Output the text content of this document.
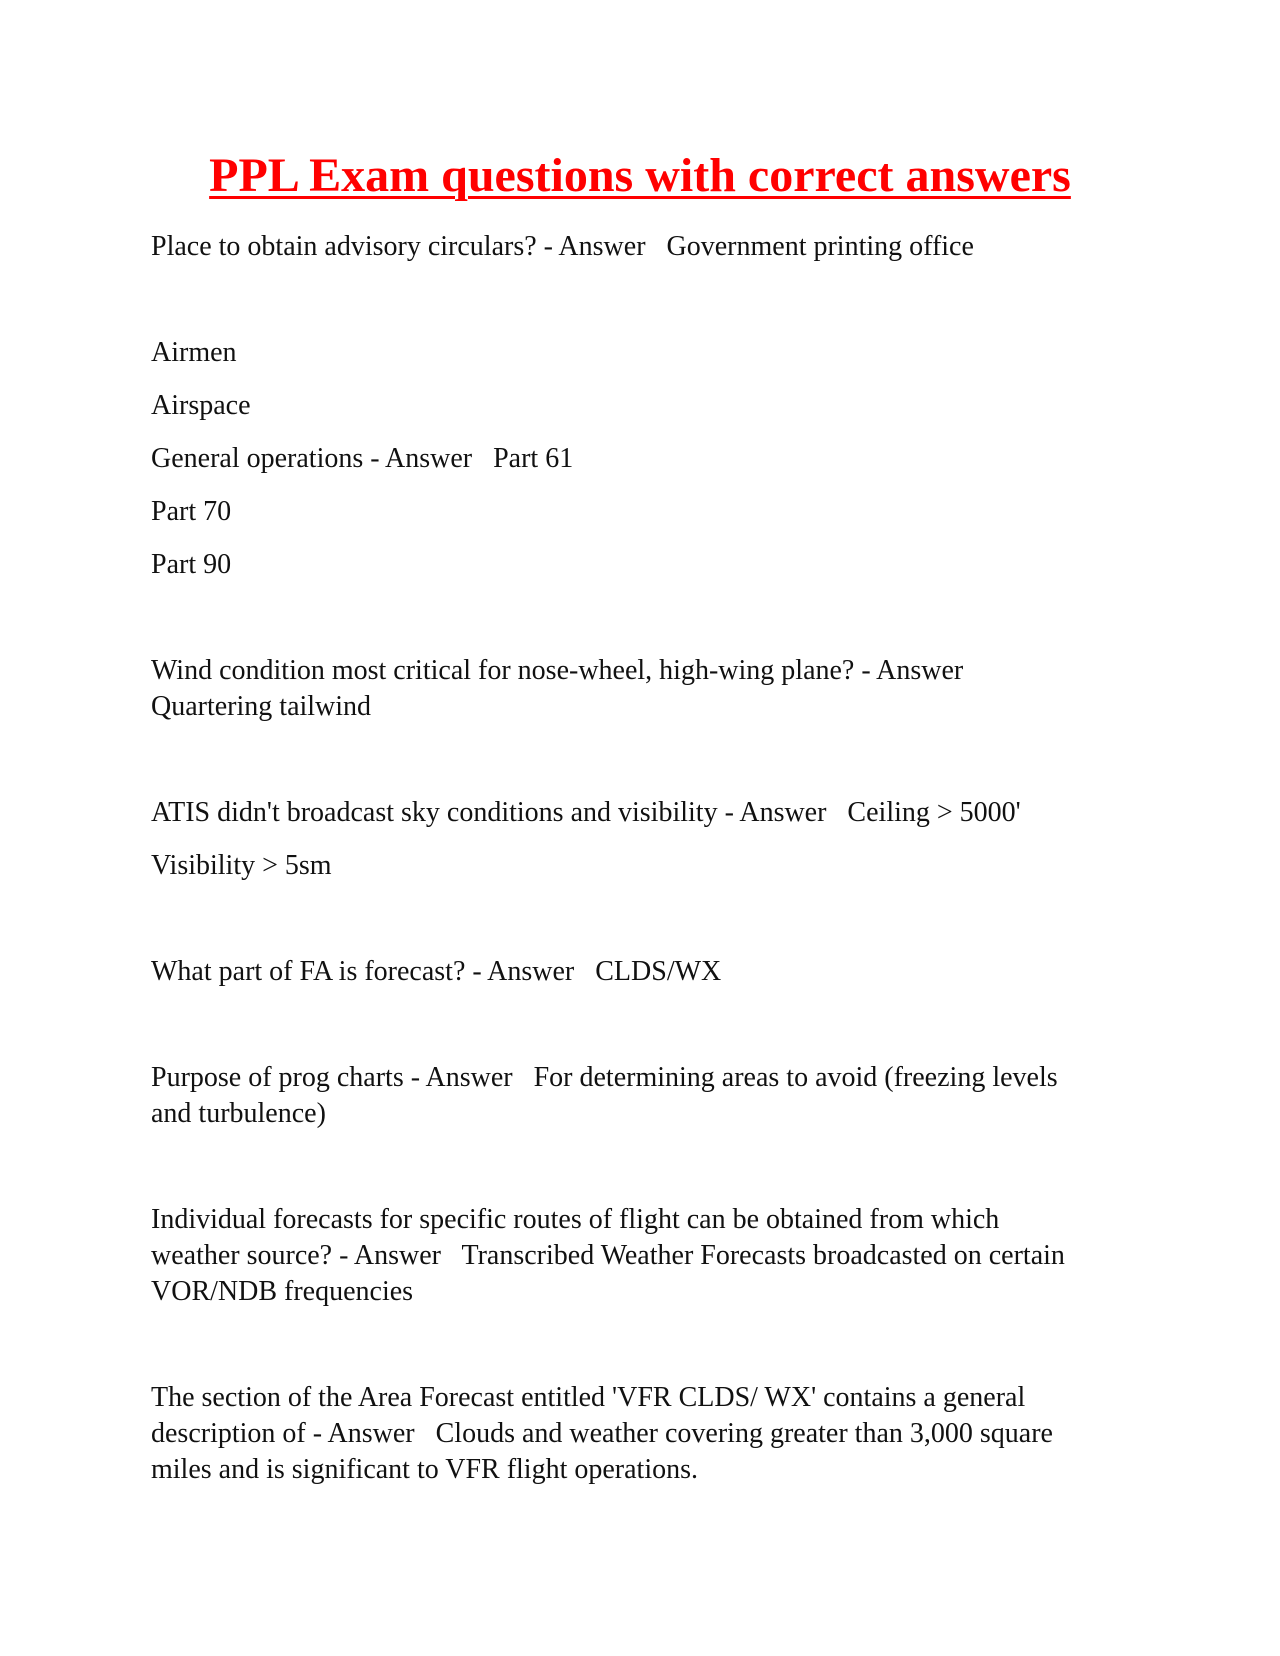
PPL Exam questions with correct answers

Place to obtain advisory circulars? - Answer   Government printing office

Airmen

Airspace

General operations - Answer   Part 61

Part 70

Part 90

Wind condition most critical for nose-wheel, high-wing plane? - Answer

Quartering tailwind

ATIS didn't broadcast sky conditions and visibility - Answer   Ceiling > 5000'

Visibility > 5sm

What part of FA is forecast? - Answer   CLDS/WX

Purpose of prog charts - Answer   For determining areas to avoid (freezing levels

and turbulence)

Individual forecasts for specific routes of flight can be obtained from which

weather source? - Answer   Transcribed Weather Forecasts broadcasted on certain

VOR/NDB frequencies

The section of the Area Forecast entitled 'VFR CLDS/ WX' contains a general

description of - Answer   Clouds and weather covering greater than 3,000 square

miles and is significant to VFR flight operations.
